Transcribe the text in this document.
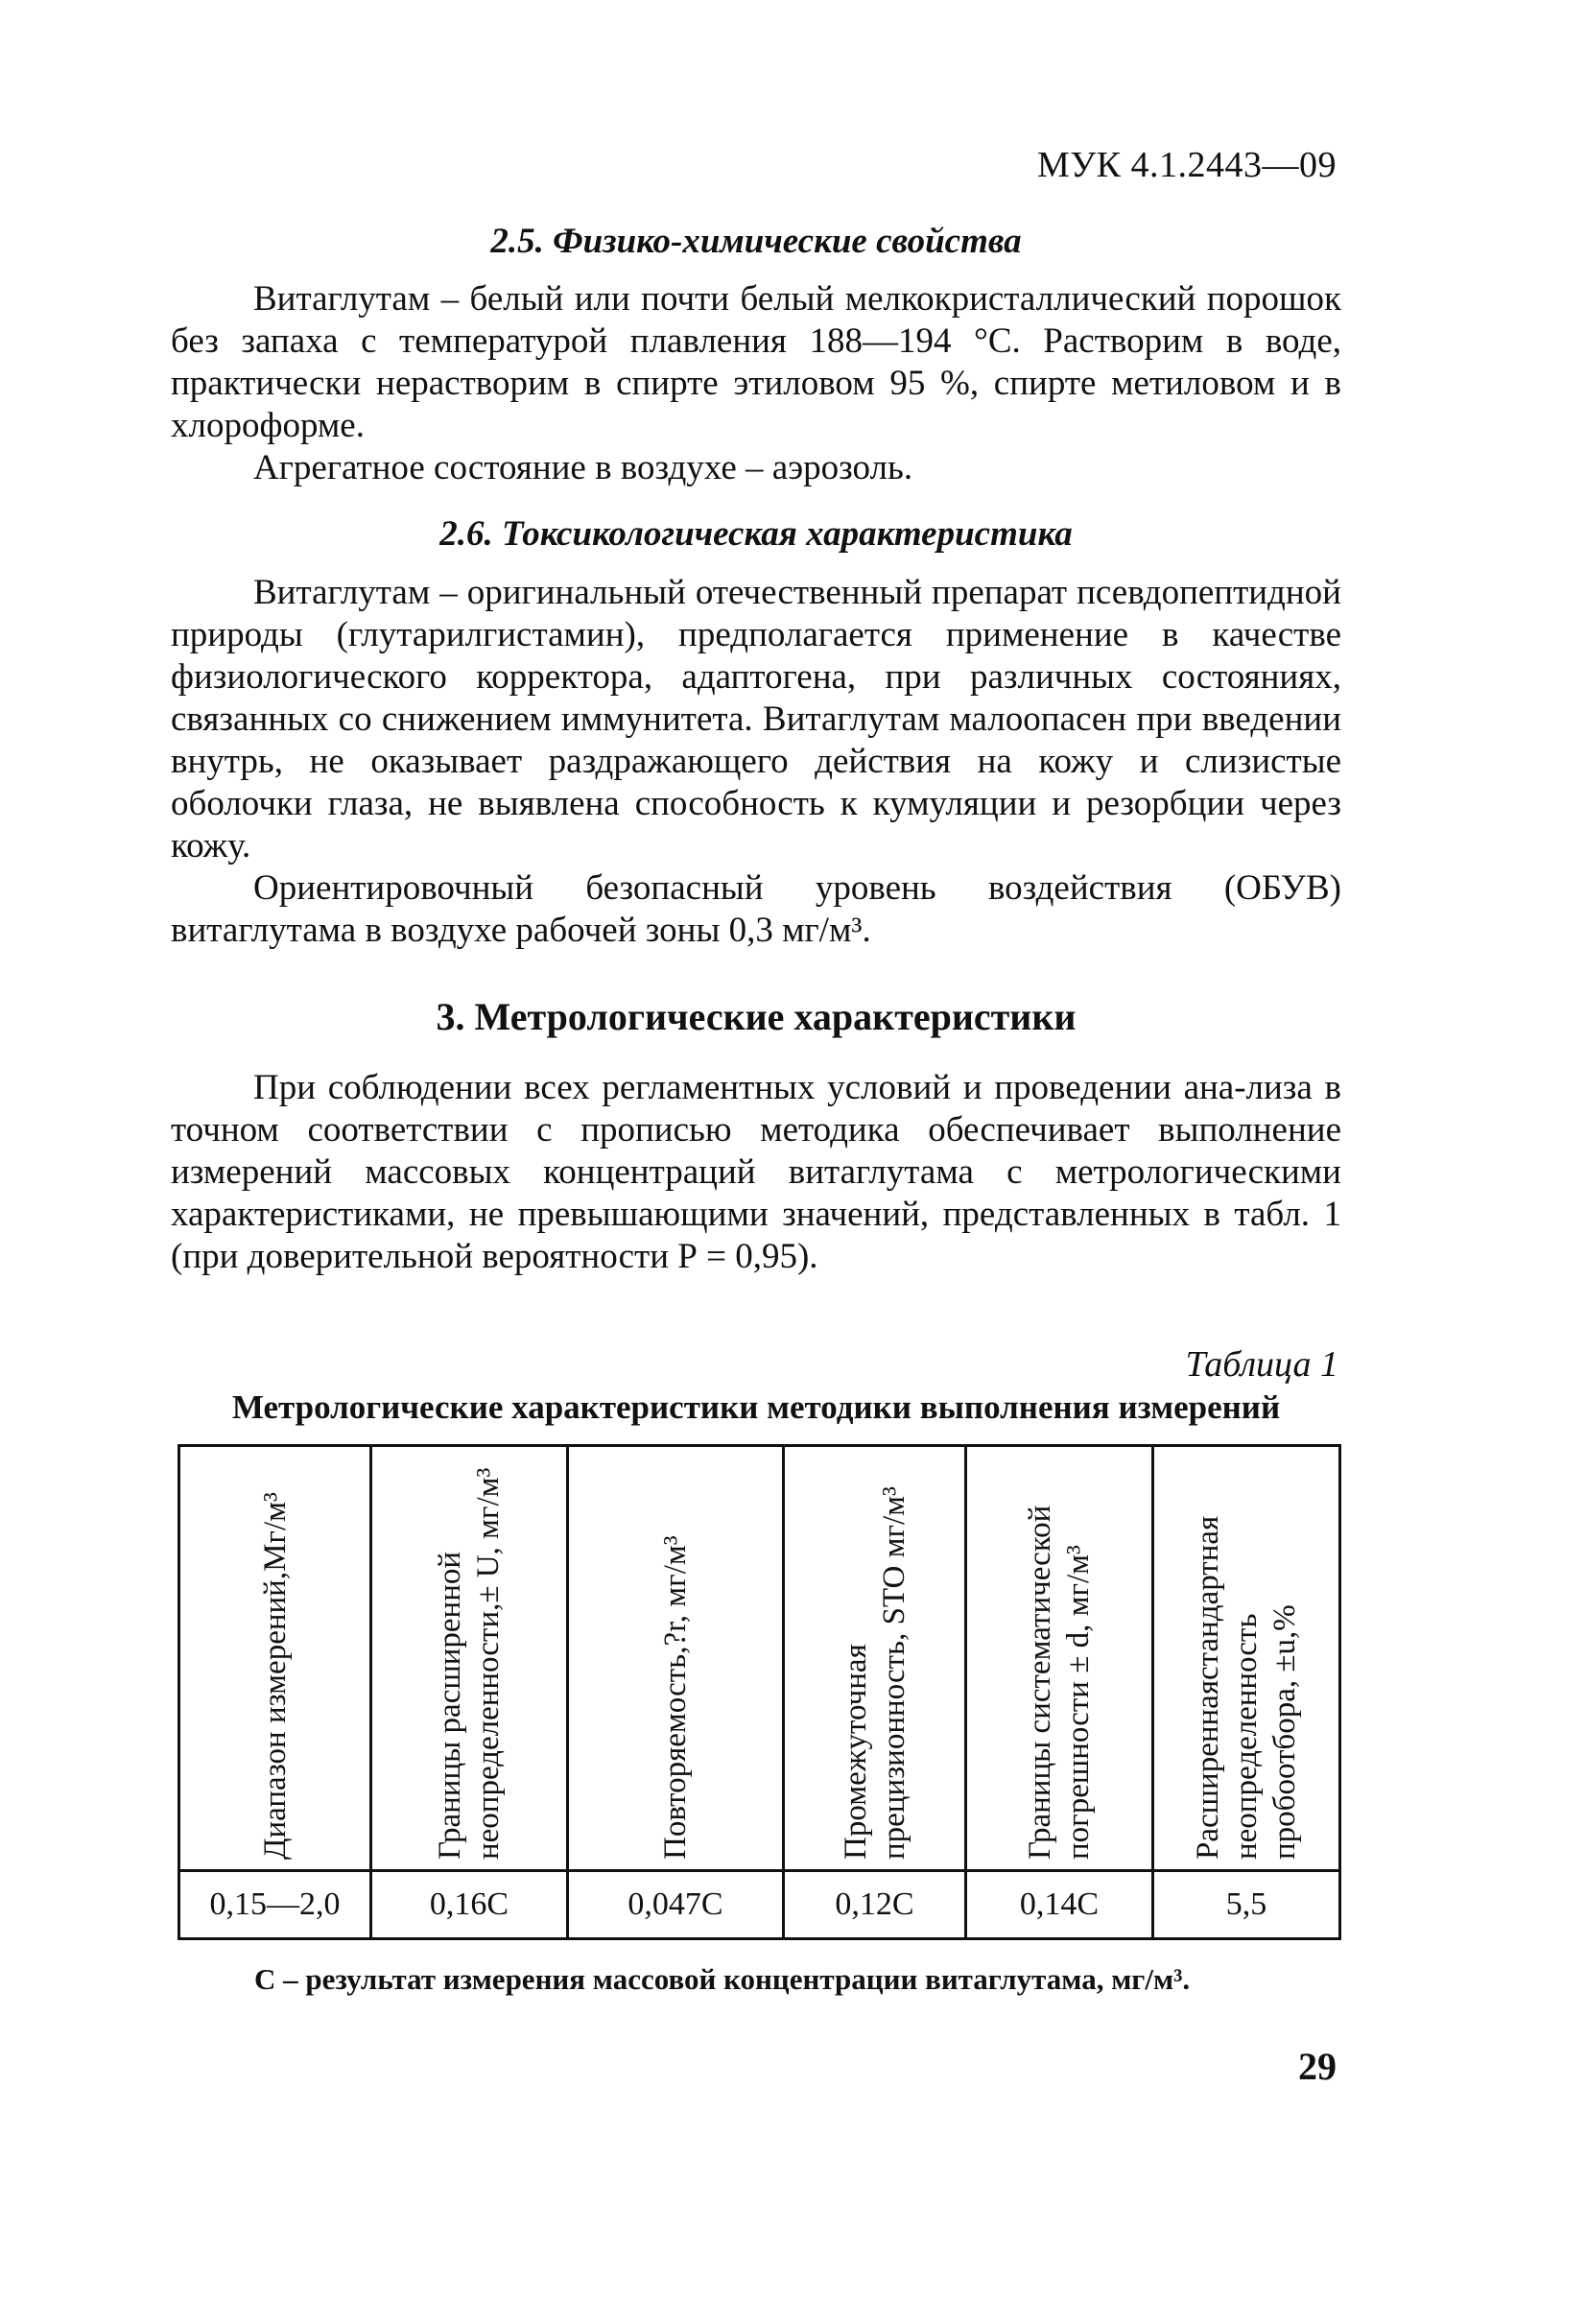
МУК 4.1.2443—09
2.5. Физико-химические свойства

Витаглутам – белый или почти белый мелкокристаллический порошок без запаха с температурой плавления 188—194 °С. Растворим в воде, практически нерастворим в спирте этиловом 95 %, спирте метиловом и в хлороформе.

Агрегатное состояние в воздухе – аэрозоль.

2.6. Токсикологическая характеристика

Витаглутам – оригинальный отечественный препарат псевдопептидной природы (глутарилгистамин), предполагается применение в качестве физиологического корректора, адаптогена, при различных состояниях, связанных со снижением иммунитета. Витаглутам малоопасен при введении внутрь, не оказывает раздражающего действия на кожу и слизистые оболочки глаза, не выявлена способность к кумуляции и резорбции через кожу.

Ориентировочный безопасный уровень воздействия (ОБУВ) витаглутама в воздухе рабочей зоны 0,3 мг/м³.

3. Метрологические характеристики

При соблюдении всех регламентных условий и проведении ана-лиза в точном соответствии с прописью методика обеспечивает выполнение измерений массовых концентраций витаглутама с метрологическими характеристиками, не превышающими значений, представленных в табл. 1 (при доверительной вероятности Р = 0,95).

Таблица 1
Метрологические характеристики методики выполнения измерений
Диапазон измерений,Мг/м³	Границы расширенной неопределенности,± U, мг/м³	Повторяемость,?r, мг/м³	Промежуточная прецизионность, STO мг/м³	Границы систематической погрешности ± d, мг/м³	Расширеннаястандартная неопределенность пробоотбора, ±u,%

0,15—2,0	0,16С	0,047С	0,12С	0,14С	5,5
С – результат измерения массовой концентрации витаглутама, мг/м³.
29
